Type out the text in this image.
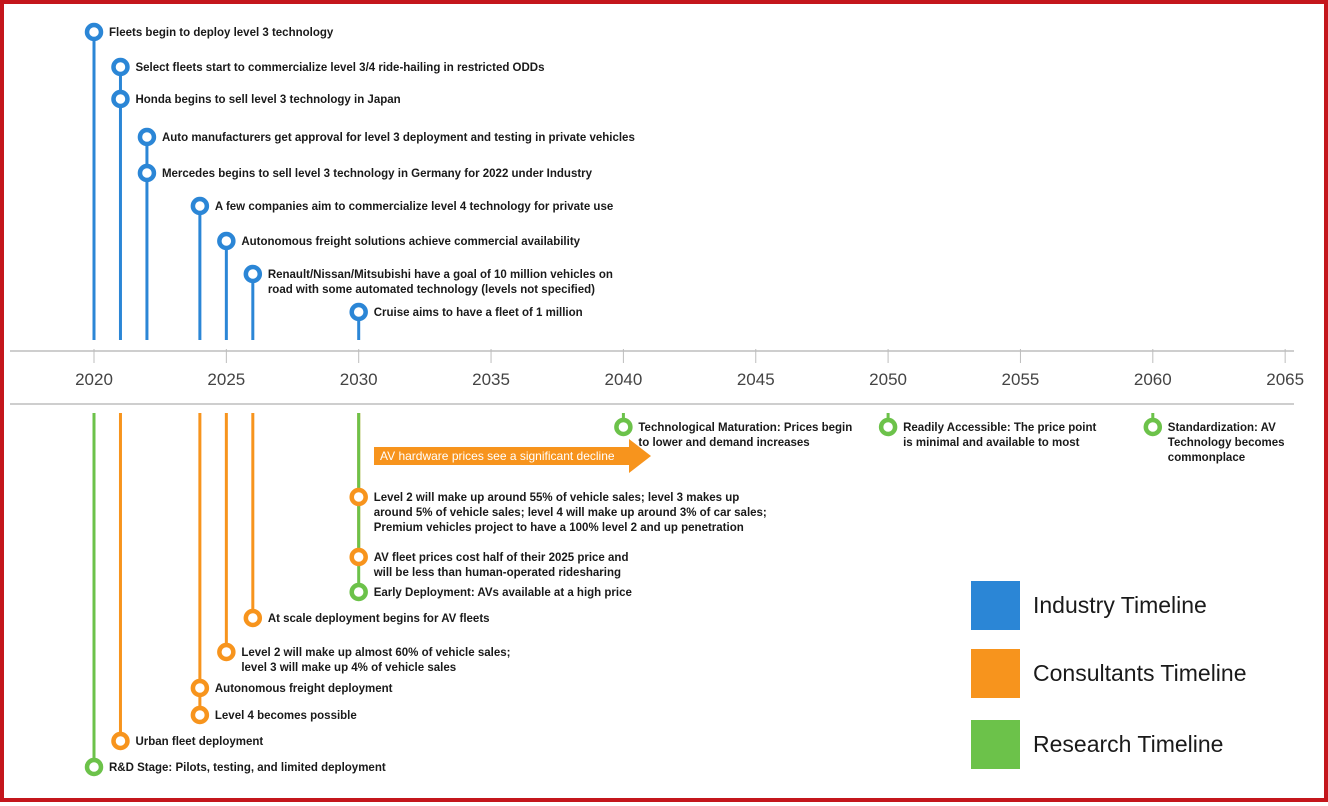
2020	2025	2030	2035	2040	2045	2050	2055	2060	2065
AV hardware prices see a significant decline
Fleets begin to deploy level 3 technology
Select fleets start to commercialize level 3/4 ride-hailing in restricted ODDs
Honda begins to sell level 3 technology in Japan
Auto manufacturers get approval for level 3 deployment and testing in private vehicles
Mercedes begins to sell level 3 technology in Germany for 2022 under Industry
A few companies aim to commercialize level 4 technology for private use
Autonomous freight solutions achieve commercial availability
Renault/Nissan/Mitsubishi have a goal of 10 million vehicles on
road with some automated technology (levels not specified)
Cruise aims to have a fleet of 1 million
Technological Maturation: Prices begin
to lower and demand increases
Readily Accessible: The price point
is minimal and available to most
Standardization: AV
Technology becomes
commonplace
Level 2 will make up around 55% of vehicle sales; level 3 makes up
around 5% of vehicle sales; level 4 will make up around 3% of car sales;
Premium vehicles project to have a 100% level 2 and up penetration
AV fleet prices cost half of their 2025 price and
will be less than human-operated ridesharing
Early Deployment: AVs available at a high price
At scale deployment begins for AV fleets
Level 2 will make up almost 60% of vehicle sales;
level 3 will make up 4% of vehicle sales
Autonomous freight deployment
Level 4 becomes possible
Urban fleet deployment
R&D Stage: Pilots, testing, and limited deployment
Industry Timeline
Consultants Timeline
Research Timeline
